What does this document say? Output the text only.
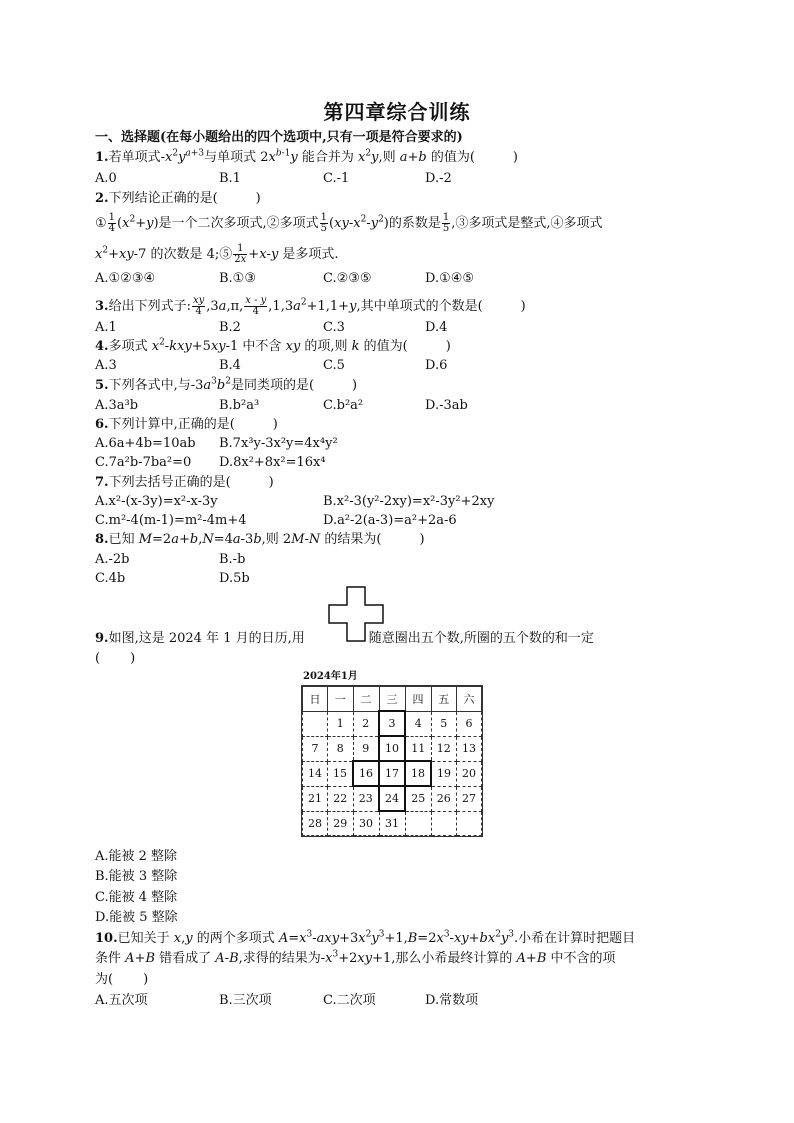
第四章综合训练
一、选择题(在每小题给出的四个选项中,只有一项是符合要求的)
1.若单项式$-x^2y^{a+3}$与单项式 $2x^{b-1}y$ 能合并为 $x^2y$,则 a+b 的值为(	)
A.0	B.1	C.-1	D.-2
2.下列结论正确的是(	)
① $\frac{1}{4} (x^2+y)$是一个二次多项式,②多项式 $\frac{1}{5} (xy-x^2-y^2)$的系数是 $\frac{1}{5}$ ,③多项式是整式,④多项式
$x^2+xy-7$ 的次数是 4;⑤ $\frac{1}{2x} +x-y$ 是多项式.
A.①②③④	B.①③	C.②③⑤	D.①④⑤
3.给出下列式子: $\frac{xy}{4} ,3a,\pi$, $\frac{x - y}{4} ,1,3a^2+1,1+y$,其中单项式的个数是(	)
A.1	B.2	C.3	D.4
4.多项式 $x^2-kxy+5xy-1$ 中不含 xy 的项,则 k 的值为(	)
A.3	B.4	C.5	D.6
5.下列各式中,与$-3a^3b^2$是同类项的是(	)
A.3a³b	B.b²a³	C.b²a²	D.-3ab
6.下列计算中,正确的是(	)
A.6a+4b=10ab B.7x³y-3x²y=4x⁴y²
C.7a²b-7ba²=0 D.8x²+8x²=16x⁴
7.下列去括号正确的是(	)
A.x²-(x-3y)=x²-x-3y	B.x²-3(y²-2xy)=x²-3y²+2xy
C.m²-4(m-1)=m²-4m+4	D.a²-2(a-3)=a²+2a-6
8.已知 M=2a+b,N=4a-3b,则 2M-N 的结果为(	)
A.-2b	B.-b
C.4b	D.5b
9.如图,这是 2024 年 1 月的日历,用	随意圈出五个数,所圈的五个数的和一定
( )
2024年1月
日	一	二	三	四	五	六
	1	2	3	4	5	6
7	8	9	10	11	12	13
14	15	16	17	18	19	20
21	22	23	24	25	26	27
28	29	30	31			
A.能被 2 整除
B.能被 3 整除
C.能被 4 整除
D.能被 5 整除
10.已知关于 x,y 的两个多项式 $A=x^3-axy+3x^2y^3+1,B=2x^3-xy+bx^2y^3$.小希在计算时把题目
条件 A+B 错看成了 A-B,求得的结果为$-x^3+2xy+1$,那么小希最终计算的 A+B 中不含的项
为( )
A.五次项	B.三次项	C.二次项	D.常数项
